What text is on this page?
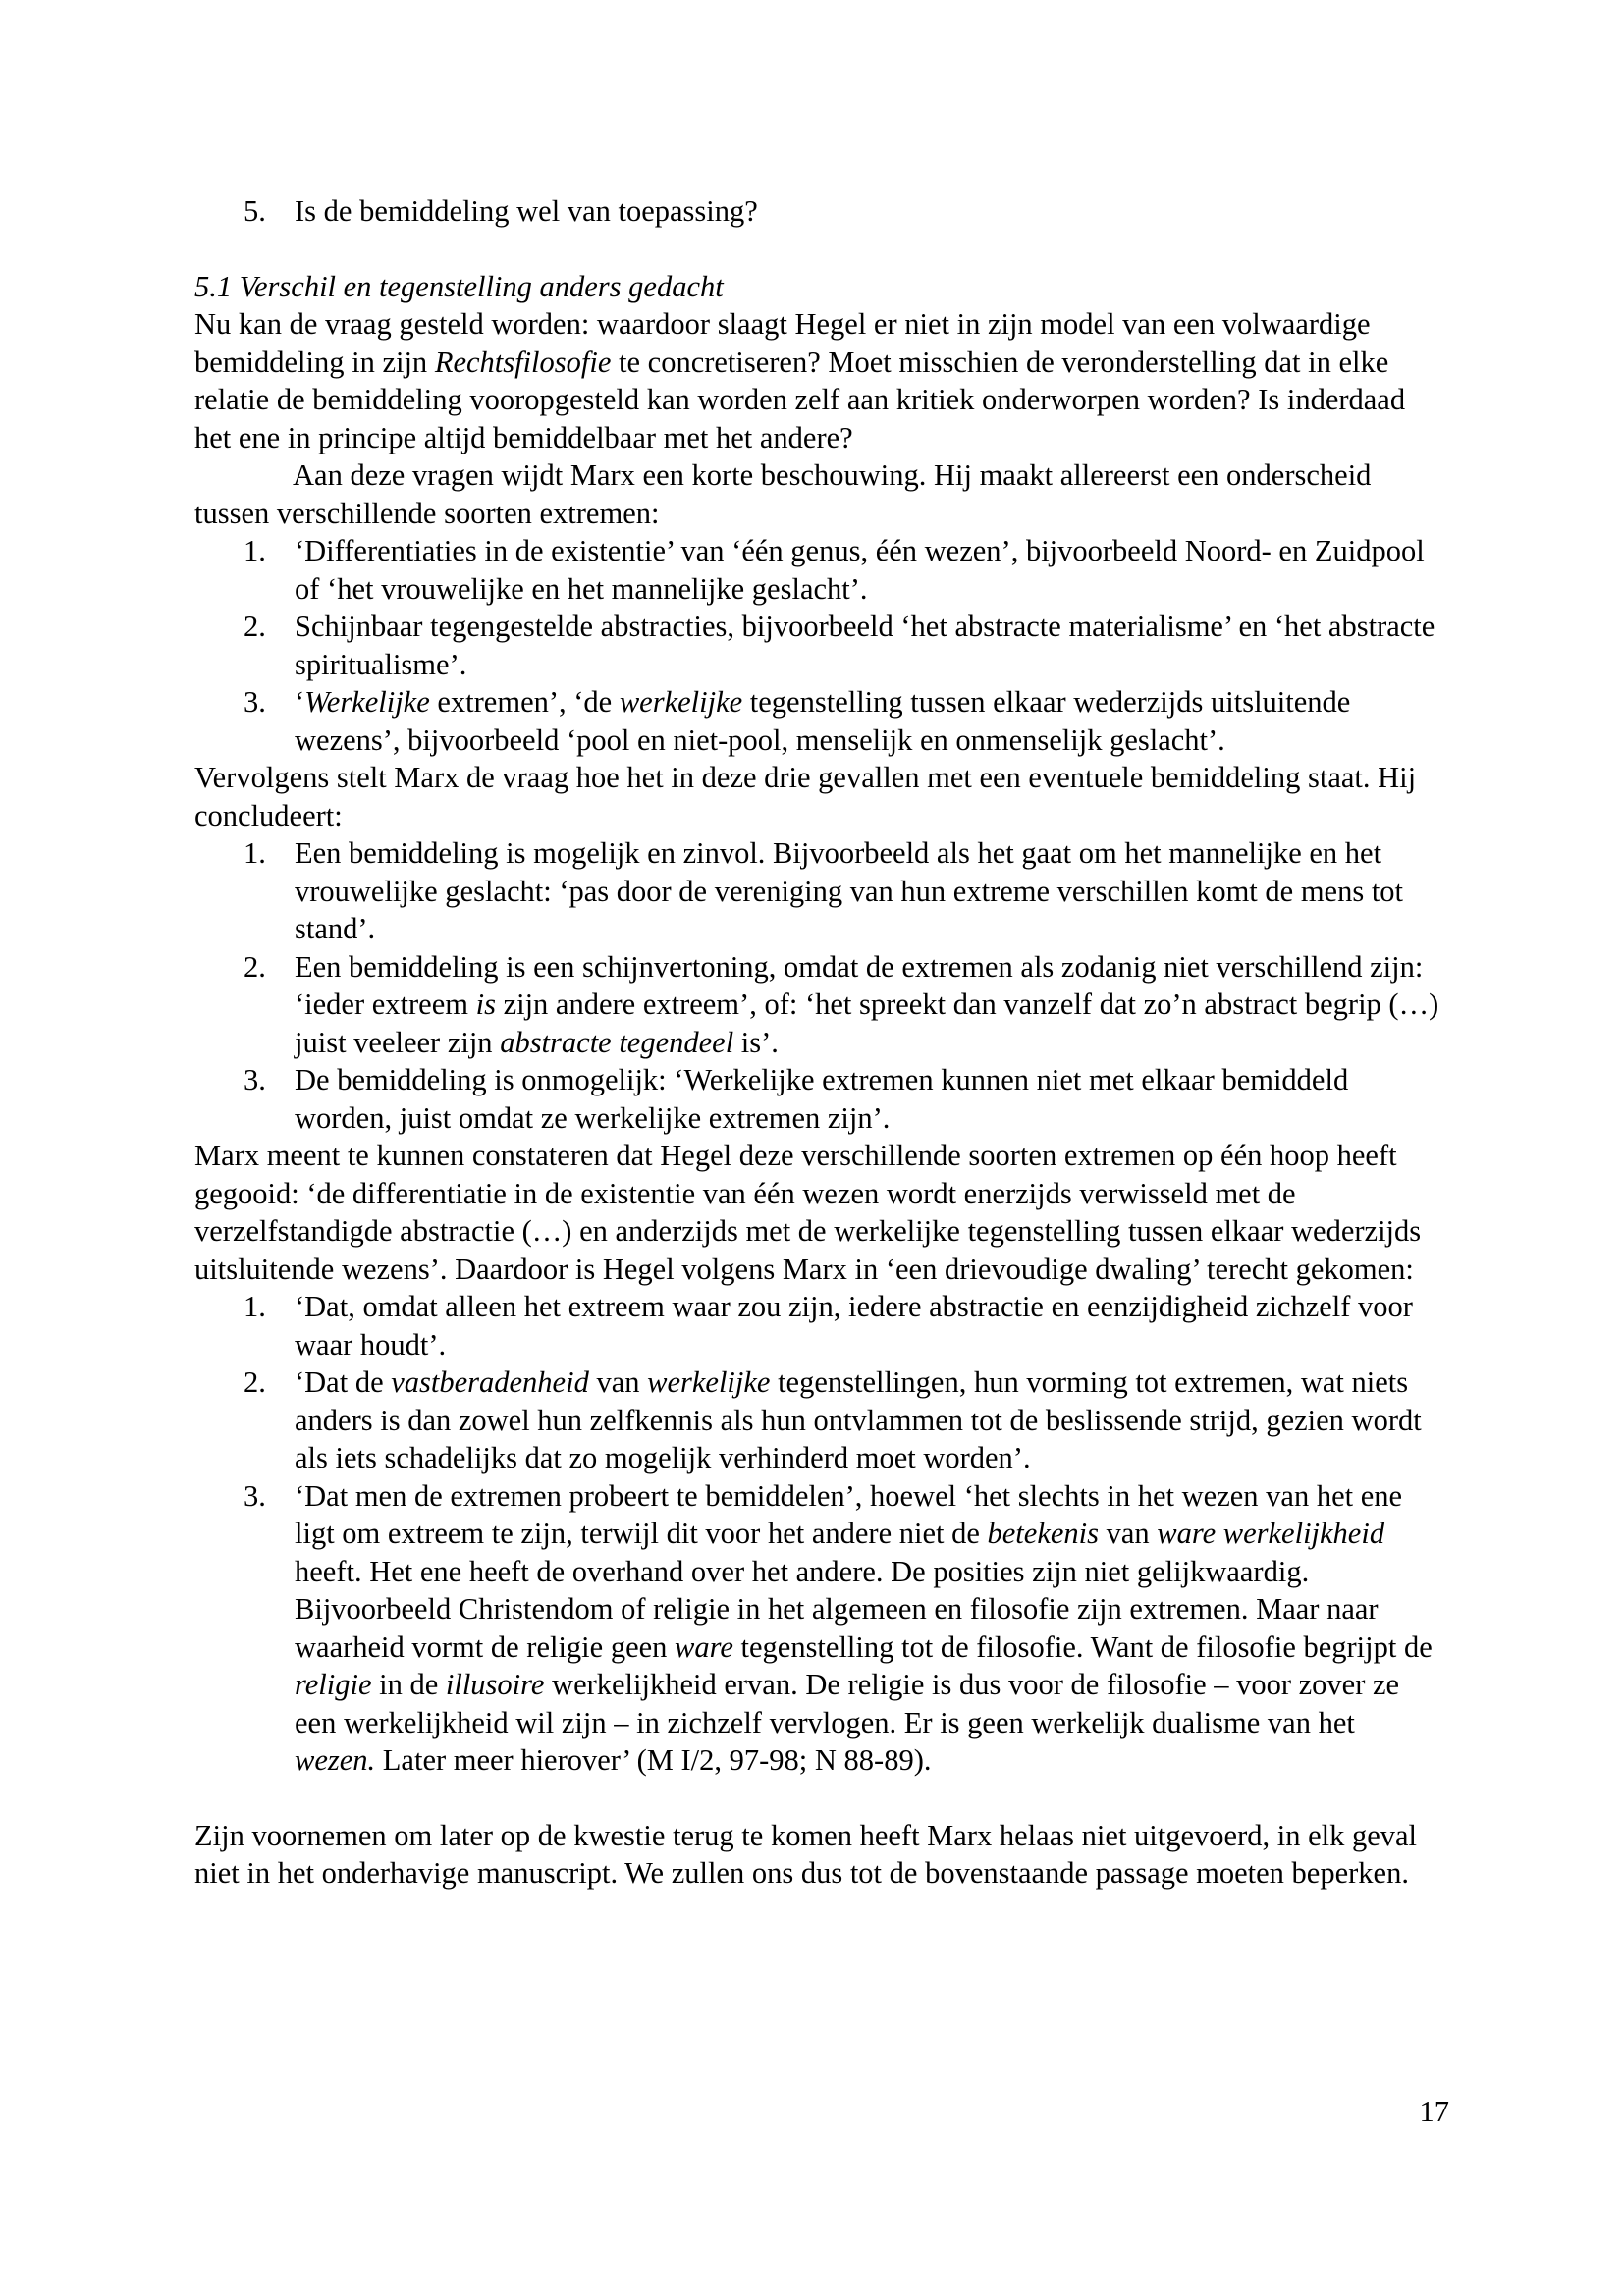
5. Is de bemiddeling wel van toepassing?

5.1 Verschil en tegenstelling anders gedacht

Nu kan de vraag gesteld worden: waardoor slaagt Hegel er niet in zijn model van een volwaardige bemiddeling in zijn Rechtsfilosofie te concretiseren? Moet misschien de veronderstelling dat in elke relatie de bemiddeling vooropgesteld kan worden zelf aan kritiek onderworpen worden? Is inderdaad het ene in principe altijd bemiddelbaar met het andere?

Aan deze vragen wijdt Marx een korte beschouwing. Hij maakt allereerst een onderscheid tussen verschillende soorten extremen:

1. ‘Differentiaties in de existentie’ van ‘één genus, één wezen’, bijvoorbeeld Noord- en Zuidpool of ‘het vrouwelijke en het mannelijke geslacht’.
2. Schijnbaar tegengestelde abstracties, bijvoorbeeld ‘het abstracte materialisme’ en ‘het abstracte spiritualisme’.
3. ‘Werkelijke extremen’, ‘de werkelijke tegenstelling tussen elkaar wederzijds uitsluitende wezens’, bijvoorbeeld ‘pool en niet-pool, menselijk en onmenselijk geslacht’.

Vervolgens stelt Marx de vraag hoe het in deze drie gevallen met een eventuele bemiddeling staat. Hij concludeert:

1. Een bemiddeling is mogelijk en zinvol. Bijvoorbeeld als het gaat om het mannelijke en het vrouwelijke geslacht: ‘pas door de vereniging van hun extreme verschillen komt de mens tot stand’.
2. Een bemiddeling is een schijnvertoning, omdat de extremen als zodanig niet verschillend zijn: ‘ieder extreem is zijn andere extreem’, of: ‘het spreekt dan vanzelf dat zo’n abstract begrip (…) juist veeleer zijn abstracte tegendeel is’.
3. De bemiddeling is onmogelijk: ‘Werkelijke extremen kunnen niet met elkaar bemiddeld worden, juist omdat ze werkelijke extremen zijn’.

Marx meent te kunnen constateren dat Hegel deze verschillende soorten extremen op één hoop heeft gegooid: ‘de differentiatie in de existentie van één wezen wordt enerzijds verwisseld met de verzelfstandigde abstractie (…) en anderzijds met de werkelijke tegenstelling tussen elkaar wederzijds uitsluitende wezens’. Daardoor is Hegel volgens Marx in ‘een drievoudige dwaling’ terecht gekomen:

1. ‘Dat, omdat alleen het extreem waar zou zijn, iedere abstractie en eenzijdigheid zichzelf voor waar houdt’.
2. ‘Dat de vastberadenheid van werkelijke tegenstellingen, hun vorming tot extremen, wat niets anders is dan zowel hun zelfkennis als hun ontvlammen tot de beslissende strijd, gezien wordt als iets schadelijks dat zo mogelijk verhinderd moet worden’.
3. ‘Dat men de extremen probeert te bemiddelen’, hoewel ‘het slechts in het wezen van het ene ligt om extreem te zijn, terwijl dit voor het andere niet de betekenis van ware werkelijkheid heeft. Het ene heeft de overhand over het andere. De posities zijn niet gelijkwaardig. Bijvoorbeeld Christendom of religie in het algemeen en filosofie zijn extremen. Maar naar waarheid vormt de religie geen ware tegenstelling tot de filosofie. Want de filosofie begrijpt de religie in de illusoire werkelijkheid ervan. De religie is dus voor de filosofie – voor zover ze een werkelijkheid wil zijn – in zichzelf vervlogen. Er is geen werkelijk dualisme van het wezen. Later meer hierover’ (M I/2, 97-98; N 88-89).

Zijn voornemen om later op de kwestie terug te komen heeft Marx helaas niet uitgevoerd, in elk geval niet in het onderhavige manuscript. We zullen ons dus tot de bovenstaande passage moeten beperken.

17
